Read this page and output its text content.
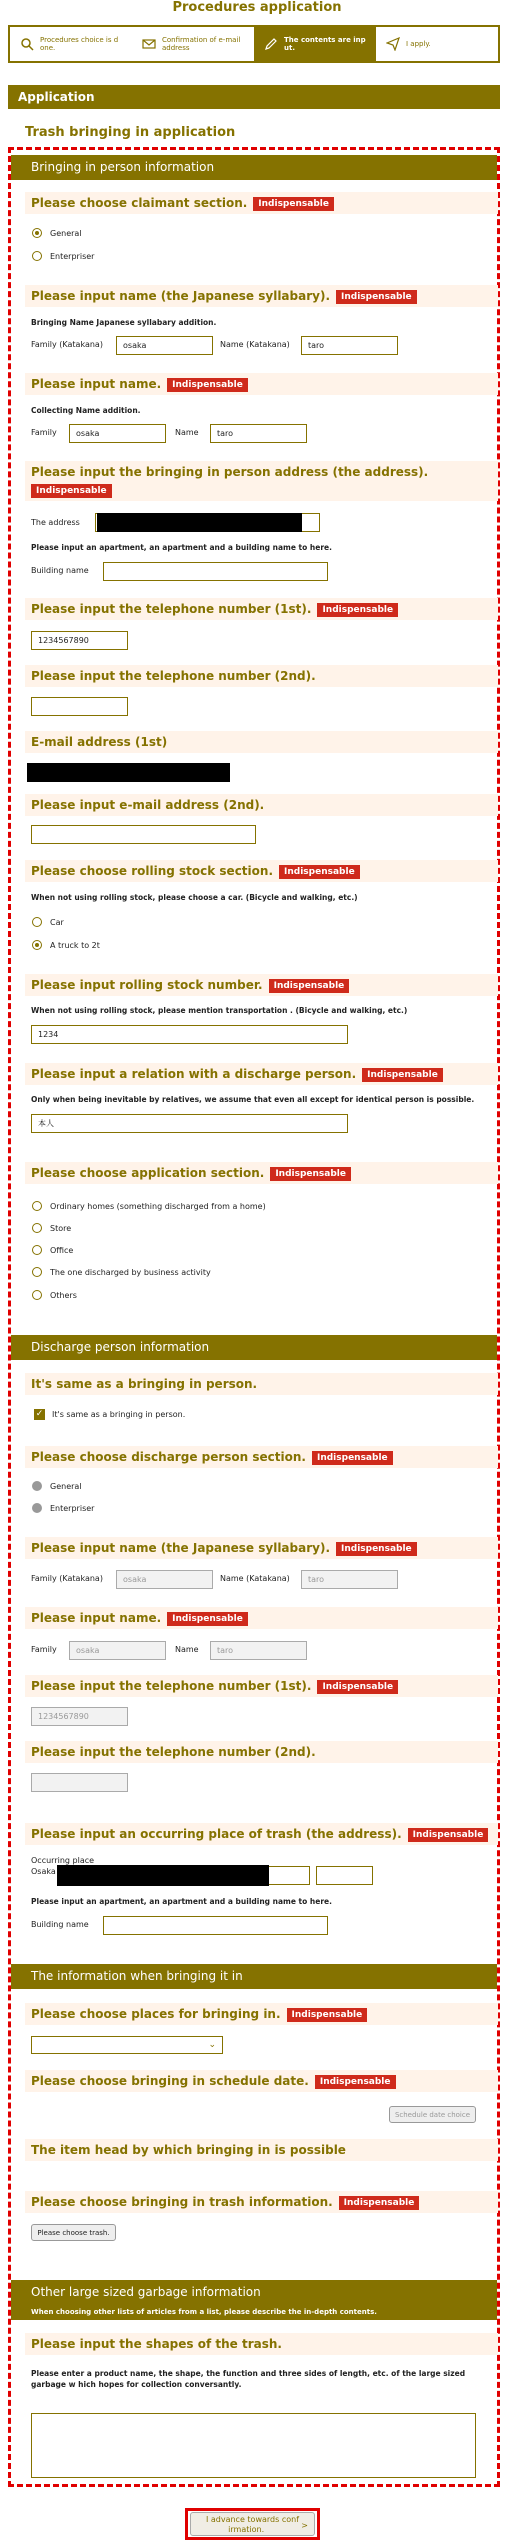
Procedures application
Procedures choice is d one.
Confirmation of e-mail address
The contents are inp ut.	I apply.
Application
Trash bringing in application
Bringing in person information
Please choose claimant section. Indispensable
General
Enterpriser
Please input name (the Japanese syllabary). Indispensable
Bringing Name Japanese syllabary addition.
Family (Katakana)	osaka	Name (Katakana)	taro
Please input name. Indispensable
Collecting Name addition.
Family	osaka	Name	taro
Please input the bringing in person address (the address).
Indispensable
The address
Please input an apartment, an apartment and a building name to here.
Building name
Please input the telephone number (1st). Indispensable
1234567890
Please input the telephone number (2nd).
E-mail address (1st)
Please input e-mail address (2nd).
Please choose rolling stock section. Indispensable
When not using rolling stock, please choose a car. (Bicycle and walking, etc.)
Car
A truck to 2t
Please input rolling stock number. Indispensable
When not using rolling stock, please mention transportation . (Bicycle and walking, etc.)
1234
Please input a relation with a discharge person. Indispensable
Only when being inevitable by relatives, we assume that even all except for identical person is possible.
本人
Please choose application section. Indispensable
Ordinary homes (something discharged from a home)
Store
Office
The one discharged by business activity
Others
Discharge person information
It's same as a bringing in person.
✓ It's same as a bringing in person.
Please choose discharge person section. Indispensable
General
Enterpriser
Please input name (the Japanese syllabary). Indispensable
Family (Katakana)	osaka	Name (Katakana)	taro
Please input name. Indispensable
Family	osaka	Name	taro
Please input the telephone number (1st). Indispensable
1234567890
Please input the telephone number (2nd).
Please input an occurring place of trash (the address). Indispensable
Occurring place
Osaka
Please input an apartment, an apartment and a building name to here.
Building name
The information when bringing it in
Please choose places for bringing in. Indispensable
⌄
Please choose bringing in schedule date. Indispensable
Schedule date choice
The item head by which bringing in is possible
Please choose bringing in trash information. Indispensable
Please choose trash.
Other large sized garbage information
When choosing other lists of articles from a list, please describe the in-depth contents.
Please input the shapes of the trash.
Please enter a product name, the shape, the function and three sides of length, etc. of the large sized garbage w hich hopes for collection conversantly.
I advance towards conf irmation.	>
